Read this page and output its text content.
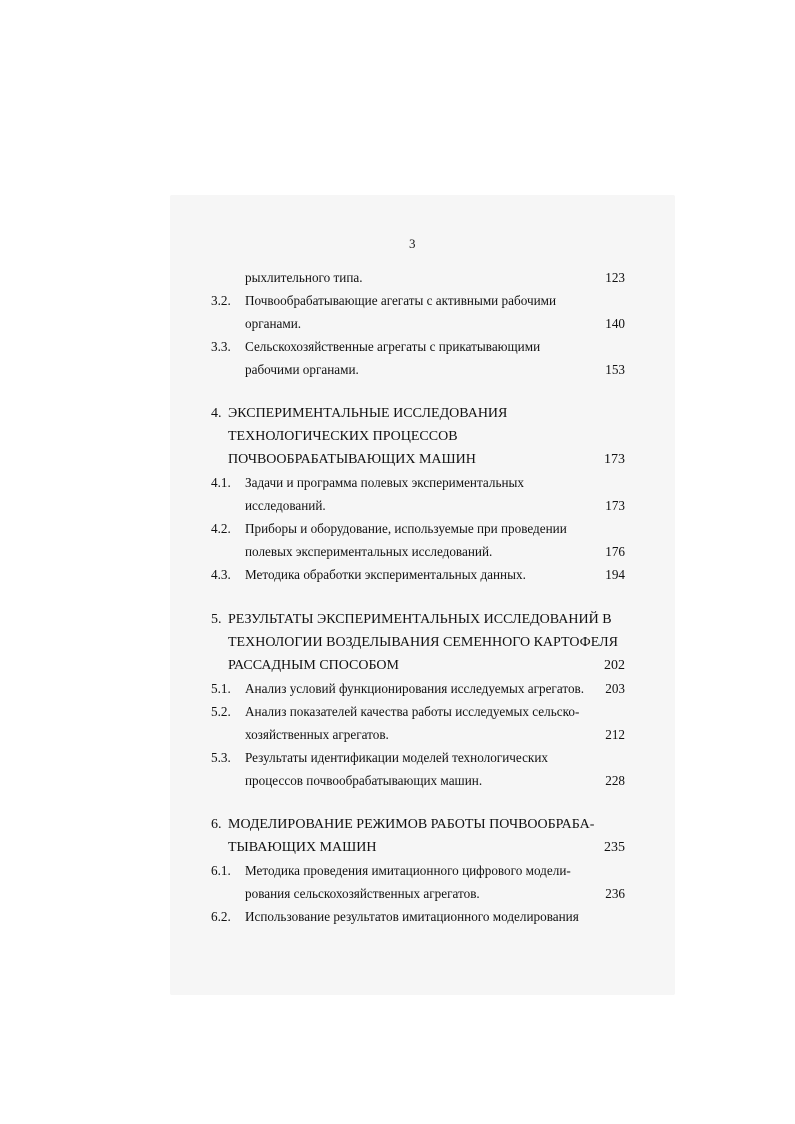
3
рыхлительного типа.	123
3.2. Почвообрабатывающие агегаты с активными рабочими
органами.	140
3.3. Сельскохозяйственные агрегаты с прикатывающими
рабочими органами.	153
4. ЭКСПЕРИМЕНТАЛЬНЫЕ ИССЛЕДОВАНИЯ
ТЕХНОЛОГИЧЕСКИХ ПРОЦЕССОВ
ПОЧВООБРАБАТЫВАЮЩИХ МАШИН	173
4.1. Задачи и программа полевых экспериментальных
исследований.	173
4.2. Приборы и оборудование, используемые при проведении
полевых экспериментальных исследований.	176
4.3. Методика обработки экспериментальных данных.	194
5. РЕЗУЛЬТАТЫ ЭКСПЕРИМЕНТАЛЬНЫХ ИССЛЕДОВАНИЙ В
ТЕХНОЛОГИИ ВОЗДЕЛЫВАНИЯ СЕМЕННОГО КАРТОФЕЛЯ
РАССАДНЫМ СПОСОБОМ	202
5.1. Анализ условий функционирования исследуемых агрегатов. 203
5.2. Анализ показателей качества работы исследуемых сельско-
хозяйственных агрегатов.	212
5.3. Результаты идентификации моделей технологических
процессов почвообрабатывающих машин.	228
6. МОДЕЛИРОВАНИЕ РЕЖИМОВ РАБОТЫ ПОЧВООБРАБА-
ТЫВАЮЩИХ МАШИН	235
6.1. Методика проведения имитационного цифрового модели-
рования сельскохозяйственных агрегатов.	236
6.2. Использование результатов имитационного моделирования
